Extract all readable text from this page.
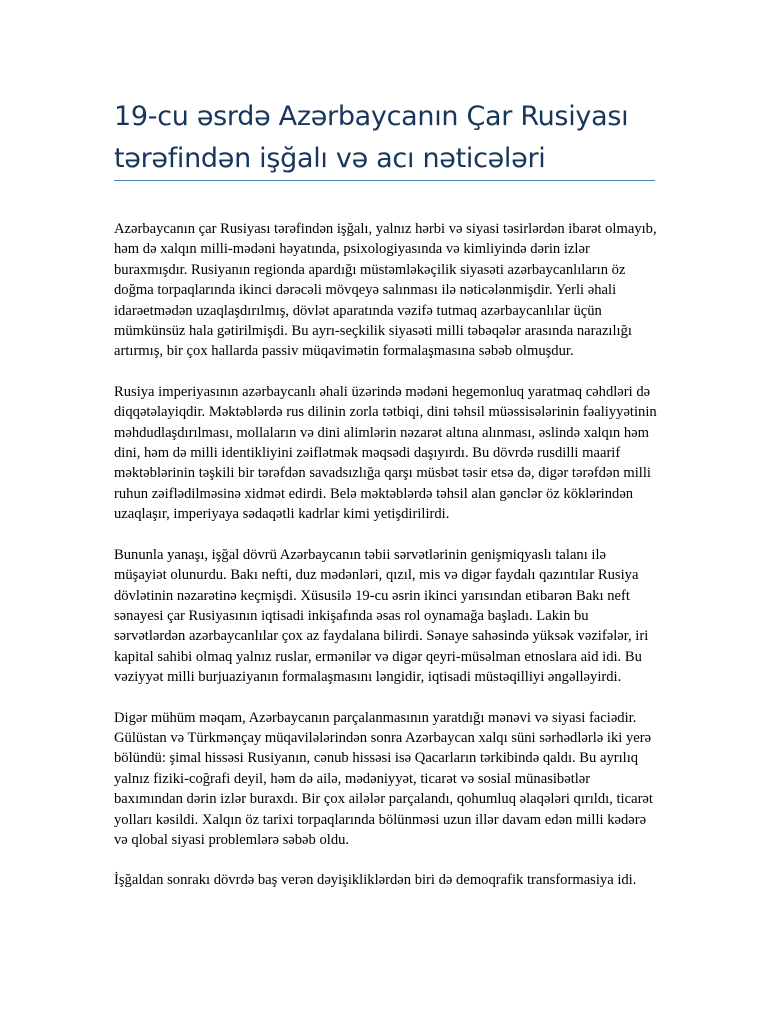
19-cu əsrdə Azərbaycanın Çar Rusiyası tərəfindən işğalı və acı nəticələri

Azərbaycanın çar Rusiyası tərəfindən işğalı, yalnız hərbi və siyasi təsirlərdən ibarət olmayıb, həm də xalqın milli-mədəni həyatında, psixologiyasında və kimliyində dərin izlər buraxmışdır. Rusiyanın regionda apardığı müstəmləkəçilik siyasəti azərbaycanlıların öz doğma torpaqlarında ikinci dərəcəli mövqeyə salınması ilə nəticələnmişdir. Yerli əhali idarəetmədən uzaqlaşdırılmış, dövlət aparatında vəzifə tutmaq azərbaycanlılar üçün mümkünsüz hala gətirilmişdi. Bu ayrı-seçkilik siyasəti milli təbəqələr arasında narazılığı artırmış, bir çox hallarda passiv müqavimətin formalaşmasına səbəb olmuşdur.

Rusiya imperiyasının azərbaycanlı əhali üzərində mədəni hegemonluq yaratmaq cəhdləri də diqqətəlayiqdir. Məktəblərdə rus dilinin zorla tətbiqi, dini təhsil müəssisələrinin fəaliyyətinin məhdudlaşdırılması, mollaların və dini alimlərin nəzarət altına alınması, əslində xalqın həm dini, həm də milli identikliyini zəiflətmək məqsədi daşıyırdı. Bu dövrdə rusdilli maarif məktəblərinin təşkili bir tərəfdən savadsızlığa qarşı müsbət təsir etsə də, digər tərəfdən milli ruhun zəiflədilməsinə xidmət edirdi. Belə məktəblərdə təhsil alan gənclər öz köklərindən uzaqlaşır, imperiyaya sədaqətli kadrlar kimi yetişdirilirdi.

Bununla yanaşı, işğal dövrü Azərbaycanın təbii sərvətlərinin genişmiqyaslı talanı ilə müşayiət olunurdu. Bakı nefti, duz mədənləri, qızıl, mis və digər faydalı qazıntılar Rusiya dövlətinin nəzarətinə keçmişdi. Xüsusilə 19-cu əsrin ikinci yarısından etibarən Bakı neft sənayesi çar Rusiyasının iqtisadi inkişafında əsas rol oynamağa başladı. Lakin bu sərvətlərdən azərbaycanlılar çox az faydalana bilirdi. Sənaye sahəsində yüksək vəzifələr, iri kapital sahibi olmaq yalnız ruslar, ermənilər və digər qeyri-müsəlman etnoslara aid idi. Bu vəziyyət milli burjuaziyanın formalaşmasını ləngidir, iqtisadi müstəqilliyi əngəlləyirdi.

Digər mühüm məqam, Azərbaycanın parçalanmasının yaratdığı mənəvi və siyasi faciədir. Gülüstan və Türkmənçay müqavilələrindən sonra Azərbaycan xalqı süni sərhədlərlə iki yerə bölündü: şimal hissəsi Rusiyanın, cənub hissəsi isə Qacarların tərkibində qaldı. Bu ayrılıq yalnız fiziki-coğrafi deyil, həm də ailə, mədəniyyət, ticarət və sosial münasibətlər baxımından dərin izlər buraxdı. Bir çox ailələr parçalandı, qohumluq əlaqələri qırıldı, ticarət yolları kəsildi. Xalqın öz tarixi torpaqlarında bölünməsi uzun illər davam edən milli kədərə və qlobal siyasi problemlərə səbəb oldu.

İşğaldan sonrakı dövrdə baş verən dəyişikliklərdən biri də demoqrafik transformasiya idi.
